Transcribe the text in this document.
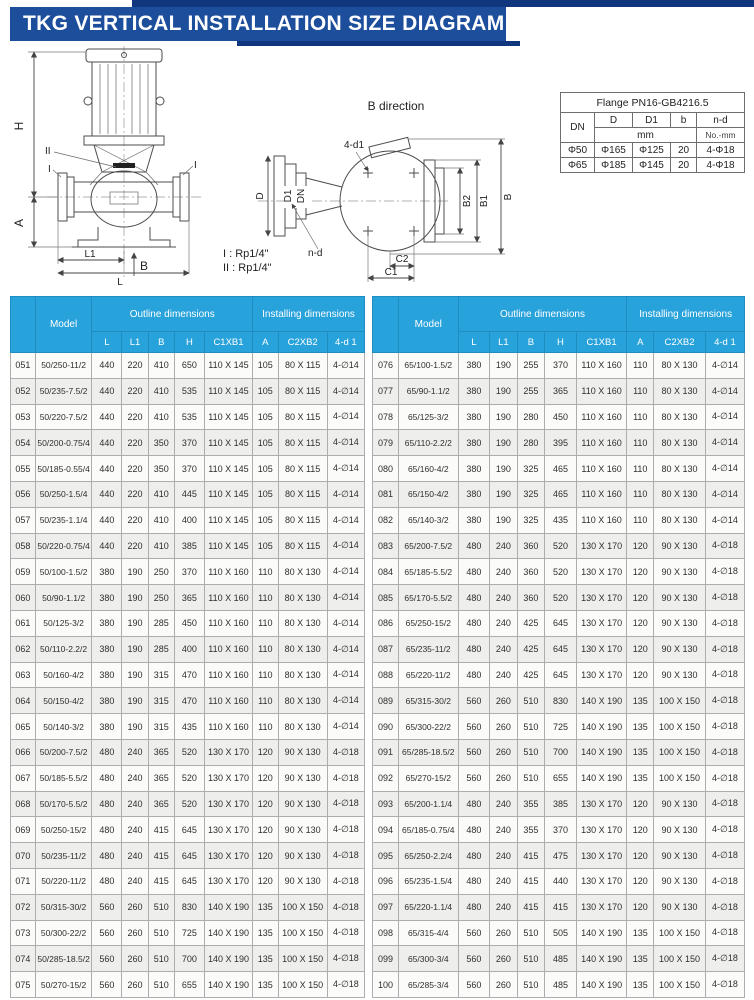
TKG VERTICAL INSTALLATION SIZE DIAGRAM
H
A
L1
L
B
II
I	I
B direction
D D1 DN
4-d1
B2 B1 B
C2
C1
n-d
I : Rp1/4"
II : Rp1/4"
Flange PN16-GB4216.5				
DN	D	D1	b	n-d
	mm			No.-mm
Φ50	Φ165	Φ125	20	4-Φ18
Φ65	Φ185	Φ145	20	4-Φ18
	Model	Outline dimensions					Installing dimensions		
		L	L1	B	H	C1XB1	A	C2XB2	4-d 1
051	50/250-11/2	440	220	410	650	110 X 145	105	80 X 115	4-∅14
052	50/235-7.5/2	440	220	410	535	110 X 145	105	80 X 115	4-∅14
053	50/220-7.5/2	440	220	410	535	110 X 145	105	80 X 115	4-∅14
054	50/200-0.75/4	440	220	350	370	110 X 145	105	80 X 115	4-∅14
055	50/185-0.55/4	440	220	350	370	110 X 145	105	80 X 115	4-∅14
056	50/250-1.5/4	440	220	410	445	110 X 145	105	80 X 115	4-∅14
057	50/235-1.1/4	440	220	410	400	110 X 145	105	80 X 115	4-∅14
058	50/220-0.75/4	440	220	410	385	110 X 145	105	80 X 115	4-∅14
059	50/100-1.5/2	380	190	250	370	110 X 160	110	80 X 130	4-∅14
060	50/90-1.1/2	380	190	250	365	110 X 160	110	80 X 130	4-∅14
061	50/125-3/2	380	190	285	450	110 X 160	110	80 X 130	4-∅14
062	50/110-2.2/2	380	190	285	400	110 X 160	110	80 X 130	4-∅14
063	50/160-4/2	380	190	315	470	110 X 160	110	80 X 130	4-∅14
064	50/150-4/2	380	190	315	470	110 X 160	110	80 X 130	4-∅14
065	50/140-3/2	380	190	315	435	110 X 160	110	80 X 130	4-∅14
066	50/200-7.5/2	480	240	365	520	130 X 170	120	90 X 130	4-∅18
067	50/185-5.5/2	480	240	365	520	130 X 170	120	90 X 130	4-∅18
068	50/170-5.5/2	480	240	365	520	130 X 170	120	90 X 130	4-∅18
069	50/250-15/2	480	240	415	645	130 X 170	120	90 X 130	4-∅18
070	50/235-11/2	480	240	415	645	130 X 170	120	90 X 130	4-∅18
071	50/220-11/2	480	240	415	645	130 X 170	120	90 X 130	4-∅18
072	50/315-30/2	560	260	510	830	140 X 190	135	100 X 150	4-∅18
073	50/300-22/2	560	260	510	725	140 X 190	135	100 X 150	4-∅18
074	50/285-18.5/2	560	260	510	700	140 X 190	135	100 X 150	4-∅18
075	50/270-15/2	560	260	510	655	140 X 190	135	100 X 150	4-∅18
	Model	Outline dimensions					Installing dimensions		
		L	L1	B	H	C1XB1	A	C2XB2	4-d 1
076	65/100-1.5/2	380	190	255	370	110 X 160	110	80 X 130	4-∅14
077	65/90-1.1/2	380	190	255	365	110 X 160	110	80 X 130	4-∅14
078	65/125-3/2	380	190	280	450	110 X 160	110	80 X 130	4-∅14
079	65/110-2.2/2	380	190	280	395	110 X 160	110	80 X 130	4-∅14
080	65/160-4/2	380	190	325	465	110 X 160	110	80 X 130	4-∅14
081	65/150-4/2	380	190	325	465	110 X 160	110	80 X 130	4-∅14
082	65/140-3/2	380	190	325	435	110 X 160	110	80 X 130	4-∅14
083	65/200-7.5/2	480	240	360	520	130 X 170	120	90 X 130	4-∅18
084	65/185-5.5/2	480	240	360	520	130 X 170	120	90 X 130	4-∅18
085	65/170-5.5/2	480	240	360	520	130 X 170	120	90 X 130	4-∅18
086	65/250-15/2	480	240	425	645	130 X 170	120	90 X 130	4-∅18
087	65/235-11/2	480	240	425	645	130 X 170	120	90 X 130	4-∅18
088	65/220-11/2	480	240	425	645	130 X 170	120	90 X 130	4-∅18
089	65/315-30/2	560	260	510	830	140 X 190	135	100 X 150	4-∅18
090	65/300-22/2	560	260	510	725	140 X 190	135	100 X 150	4-∅18
091	65/285-18.5/2	560	260	510	700	140 X 190	135	100 X 150	4-∅18
092	65/270-15/2	560	260	510	655	140 X 190	135	100 X 150	4-∅18
093	65/200-1.1/4	480	240	355	385	130 X 170	120	90 X 130	4-∅18
094	65/185-0.75/4	480	240	355	370	130 X 170	120	90 X 130	4-∅18
095	65/250-2.2/4	480	240	415	475	130 X 170	120	90 X 130	4-∅18
096	65/235-1.5/4	480	240	415	440	130 X 170	120	90 X 130	4-∅18
097	65/220-1.1/4	480	240	415	415	130 X 170	120	90 X 130	4-∅18
098	65/315-4/4	560	260	510	505	140 X 190	135	100 X 150	4-∅18
099	65/300-3/4	560	260	510	485	140 X 190	135	100 X 150	4-∅18
100	65/285-3/4	560	260	510	485	140 X 190	135	100 X 150	4-∅18
